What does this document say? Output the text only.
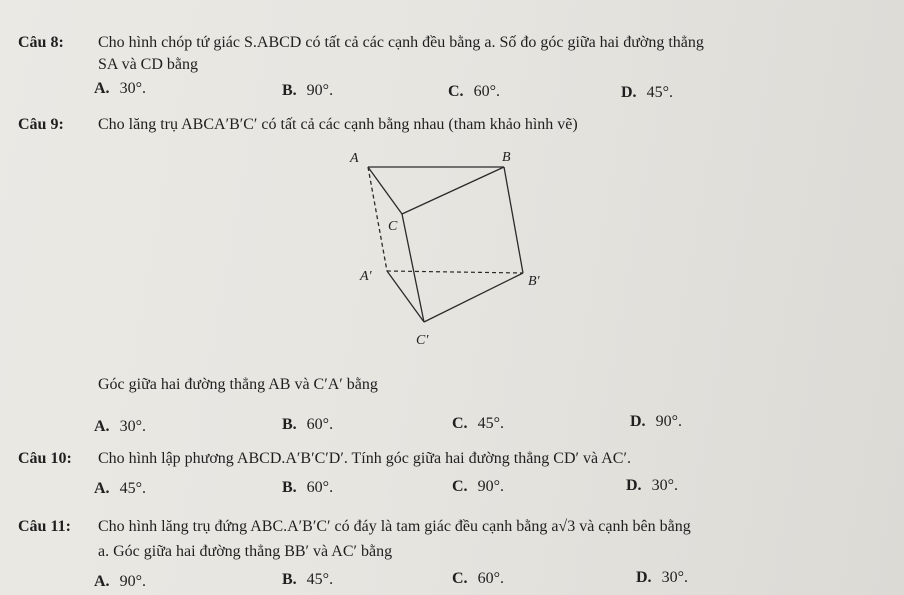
Câu 8: Cho hình chóp tứ giác S.ABCD có tất cả các cạnh đều bằng a. Số đo góc giữa hai đường thẳng
SA và CD bằng
A. 30°.	B. 90°.	C. 60°.	D. 45°.
Câu 9: Cho lăng trụ ABCA′B′C′ có tất cả các cạnh bằng nhau (tham khảo hình vẽ)
A	B
C
A′	B′
C′
Góc giữa hai đường thẳng AB và C′A′ bằng
A. 30°.	B. 60°.	C. 45°.	D. 90°.
Câu 10: Cho hình lập phương ABCD.A′B′C′D′. Tính góc giữa hai đường thẳng CD′ và AC′.
A. 45°.	B. 60°.	C. 90°.	D. 30°.
Câu 11: Cho hình lăng trụ đứng ABC.A′B′C′ có đáy là tam giác đều cạnh bằng a√3 và cạnh bên bằng
a. Góc giữa hai đường thẳng BB′ và AC′ bằng
A. 90°.	B. 45°.	C. 60°.	D. 30°.
